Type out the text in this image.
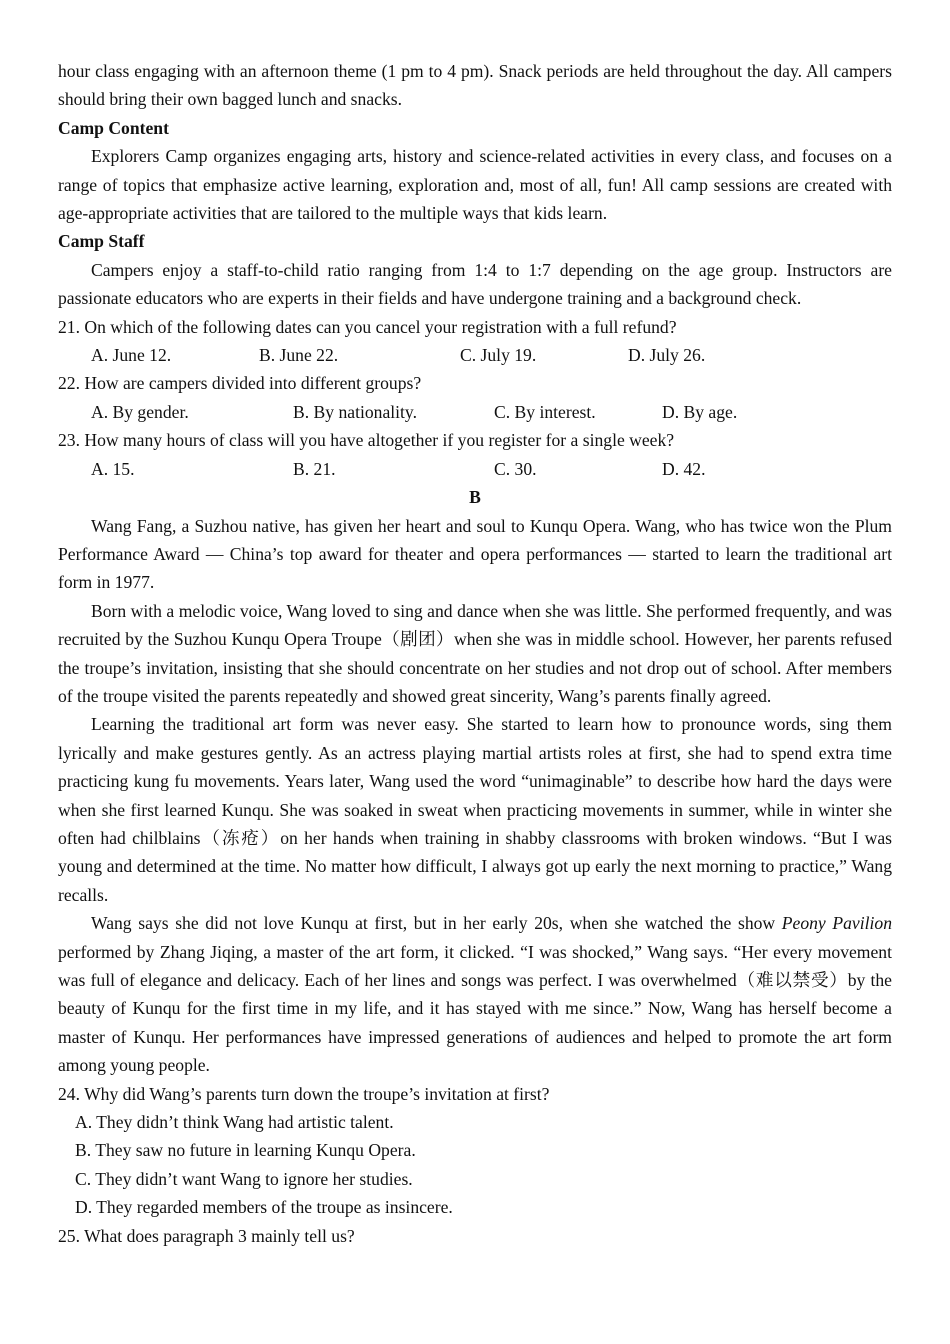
hour class engaging with an afternoon theme (1 pm to 4 pm). Snack periods are held throughout the day. All campers should bring their own bagged lunch and snacks.

Camp Content

Explorers Camp organizes engaging arts, history and science-related activities in every class, and focuses on a range of topics that emphasize active learning, exploration and, most of all, fun! All camp sessions are created with age-appropriate activities that are tailored to the multiple ways that kids learn.

Camp Staff

Campers enjoy a staff-to-child ratio ranging from 1:4 to 1:7 depending on the age group. Instructors are passionate educators who are experts in their fields and have undergone training and a background check.

21. On which of the following dates can you cancel your registration with a full refund?

A. June 12.	B. June 22.	C. July 19.	D. July 26.

22. How are campers divided into different groups?

A. By gender.	B. By nationality.	C. By interest.	D. By age.

23. How many hours of class will you have altogether if you register for a single week?

A. 15.	B. 21.	C. 30.	D. 42.

B

Wang Fang, a Suzhou native, has given her heart and soul to Kunqu Opera. Wang, who has twice won the Plum Performance Award — China’s top award for theater and opera performances — started to learn the traditional art form in 1977.

Born with a melodic voice, Wang loved to sing and dance when she was little. She performed frequently, and was recruited by the Suzhou Kunqu Opera Troupe（剧团）when she was in middle school. However, her parents refused the troupe’s invitation, insisting that she should concentrate on her studies and not drop out of school. After members of the troupe visited the parents repeatedly and showed great sincerity, Wang’s parents finally agreed.

Learning the traditional art form was never easy. She started to learn how to pronounce words, sing them lyrically and make gestures gently. As an actress playing martial artists roles at first, she had to spend extra time practicing kung fu movements. Years later, Wang used the word “unimaginable” to describe how hard the days were when she first learned Kunqu. She was soaked in sweat when practicing movements in summer, while in winter she often had chilblains（冻疮）on her hands when training in shabby classrooms with broken windows. “But I was young and determined at the time. No matter how difficult, I always got up early the next morning to practice,” Wang recalls.

Wang says she did not love Kunqu at first, but in her early 20s, when she watched the show Peony Pavilion performed by Zhang Jiqing, a master of the art form, it clicked. “I was shocked,” Wang says. “Her every movement was full of elegance and delicacy. Each of her lines and songs was perfect. I was overwhelmed（难以禁受）by the beauty of Kunqu for the first time in my life, and it has stayed with me since.” Now, Wang has herself become a master of Kunqu. Her performances have impressed generations of audiences and helped to promote the art form among young people.

24. Why did Wang’s parents turn down the troupe’s invitation at first?

A. They didn’t think Wang had artistic talent.

B. They saw no future in learning Kunqu Opera.

C. They didn’t want Wang to ignore her studies.

D. They regarded members of the troupe as insincere.

25. What does paragraph 3 mainly tell us?
